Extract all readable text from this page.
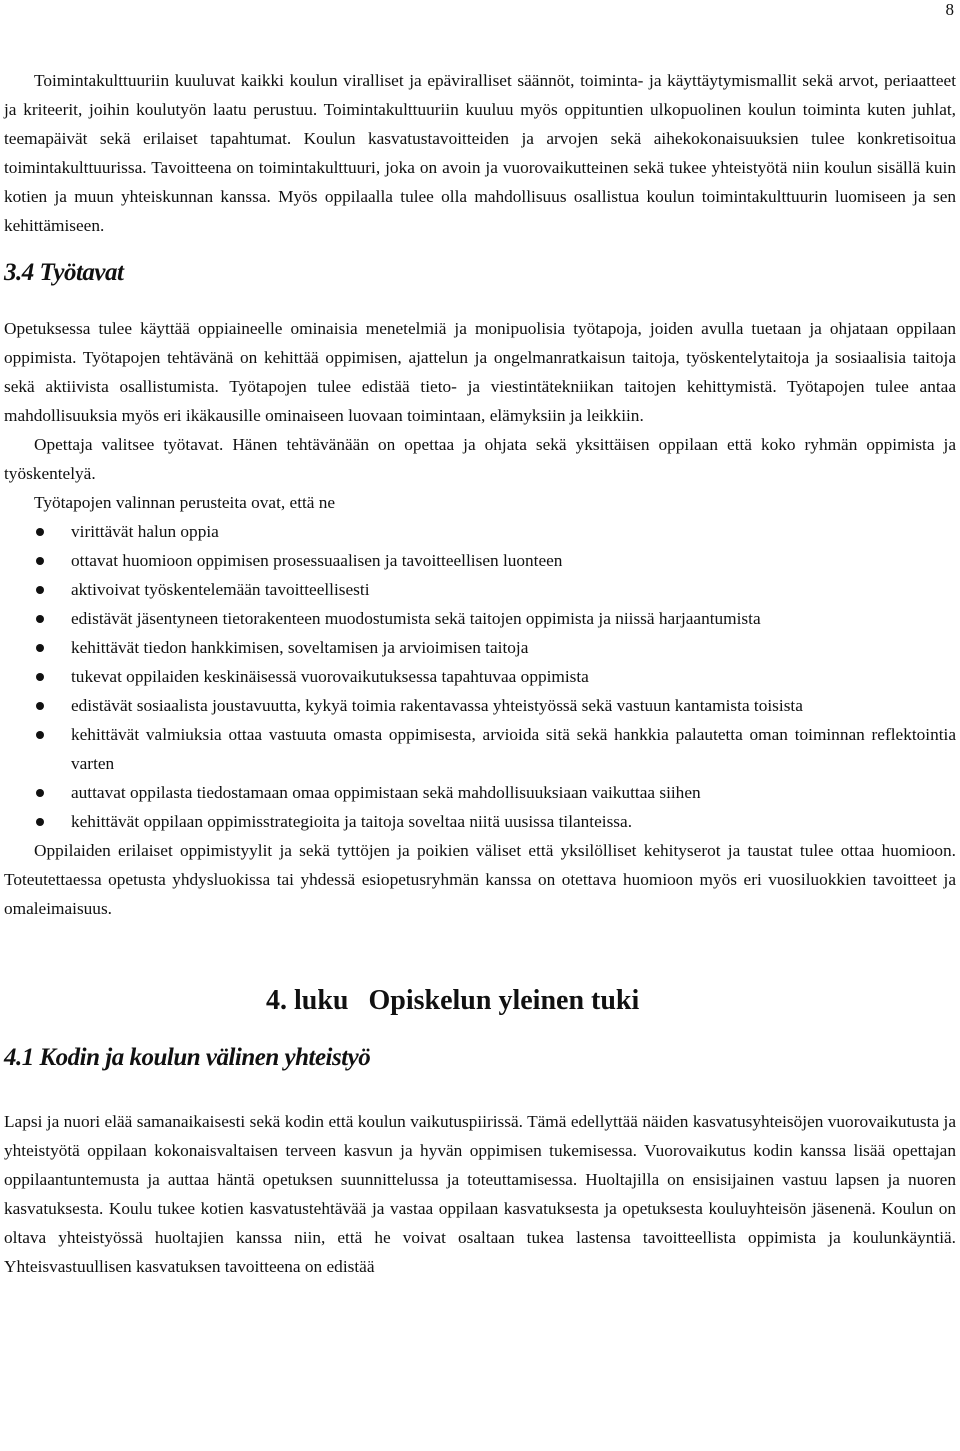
8

Toimintakulttuuriin kuuluvat kaikki koulun viralliset ja epäviralliset säännöt, toiminta- ja käyttäytymismallit sekä arvot, periaatteet ja kriteerit, joihin koulutyön laatu perustuu. Toimintakulttuuriin kuuluu myös oppituntien ulkopuolinen koulun toiminta kuten juhlat, teemapäivät sekä erilaiset tapahtumat. Koulun kasvatustavoitteiden ja arvojen sekä aihekokonaisuuksien tulee konkretisoitua toimintakulttuurissa. Tavoitteena on toimintakulttuuri, joka on avoin ja vuorovaikutteinen sekä tukee yhteistyötä niin koulun sisällä kuin kotien ja muun yhteiskunnan kanssa. Myös oppilaalla tulee olla mahdollisuus osallistua koulun toimintakulttuurin luomiseen ja sen kehittämiseen.

3.4 Työtavat

Opetuksessa tulee käyttää oppiaineelle ominaisia menetelmiä ja monipuolisia työtapoja, joiden avulla tuetaan ja ohjataan oppilaan oppimista. Työtapojen tehtävänä on kehittää oppimisen, ajattelun ja ongelmanratkaisun taitoja, työskentelytaitoja ja sosiaalisia taitoja sekä aktiivista osallistumista. Työtapojen tulee edistää tieto- ja viestintätekniikan taitojen kehittymistä. Työtapojen tulee antaa mahdollisuuksia myös eri ikäkausille ominaiseen luovaan toimintaan, elämyksiin ja leikkiin.

Opettaja valitsee työtavat. Hänen tehtävänään on opettaa ja ohjata sekä yksittäisen oppilaan että koko ryhmän oppimista ja työskentelyä.

Työtapojen valinnan perusteita ovat, että ne

virittävät halun oppia
ottavat huomioon oppimisen prosessuaalisen ja tavoitteellisen luonteen
aktivoivat työskentelemään tavoitteellisesti
edistävät jäsentyneen tietorakenteen muodostumista sekä taitojen oppimista ja niissä harjaantumista
kehittävät tiedon hankkimisen, soveltamisen ja arvioimisen taitoja
tukevat oppilaiden keskinäisessä vuorovaikutuksessa tapahtuvaa oppimista
edistävät sosiaalista joustavuutta, kykyä toimia rakentavassa yhteistyössä sekä vastuun kantamista toisista
kehittävät valmiuksia ottaa vastuuta omasta oppimisesta, arvioida sitä sekä hankkia palautetta oman toiminnan reflektointia varten
auttavat oppilasta tiedostamaan omaa oppimistaan sekä mahdollisuuksiaan vaikuttaa siihen
kehittävät oppilaan oppimisstrategioita ja taitoja soveltaa niitä uusissa tilanteissa.

Oppilaiden erilaiset oppimistyylit ja sekä tyttöjen ja poikien väliset että yksilölliset kehityserot ja taustat tulee ottaa huomioon. Toteutettaessa opetusta yhdysluokissa tai yhdessä esiopetusryhmän kanssa on otettava huomioon myös eri vuosiluokkien tavoitteet ja omaleimaisuus.

4. luku Opiskelun yleinen tuki
4.1 Kodin ja koulun välinen yhteistyö

Lapsi ja nuori elää samanaikaisesti sekä kodin että koulun vaikutuspiirissä. Tämä edellyttää näiden kasvatusyhteisöjen vuorovaikutusta ja yhteistyötä oppilaan kokonaisvaltaisen terveen kasvun ja hyvän oppimisen tukemisessa. Vuorovaikutus kodin kanssa lisää opettajan oppilaantuntemusta ja auttaa häntä opetuksen suunnittelussa ja toteuttamisessa. Huoltajilla on ensisijainen vastuu lapsen ja nuoren kasvatuksesta. Koulu tukee kotien kasvatustehtävää ja vastaa oppilaan kasvatuksesta ja opetuksesta kouluyhteisön jäsenenä. Koulun on oltava yhteistyössä huoltajien kanssa niin, että he voivat osaltaan tukea lastensa tavoitteellista oppimista ja koulunkäyntiä. Yhteisvastuullisen kasvatuksen tavoitteena on edistää
